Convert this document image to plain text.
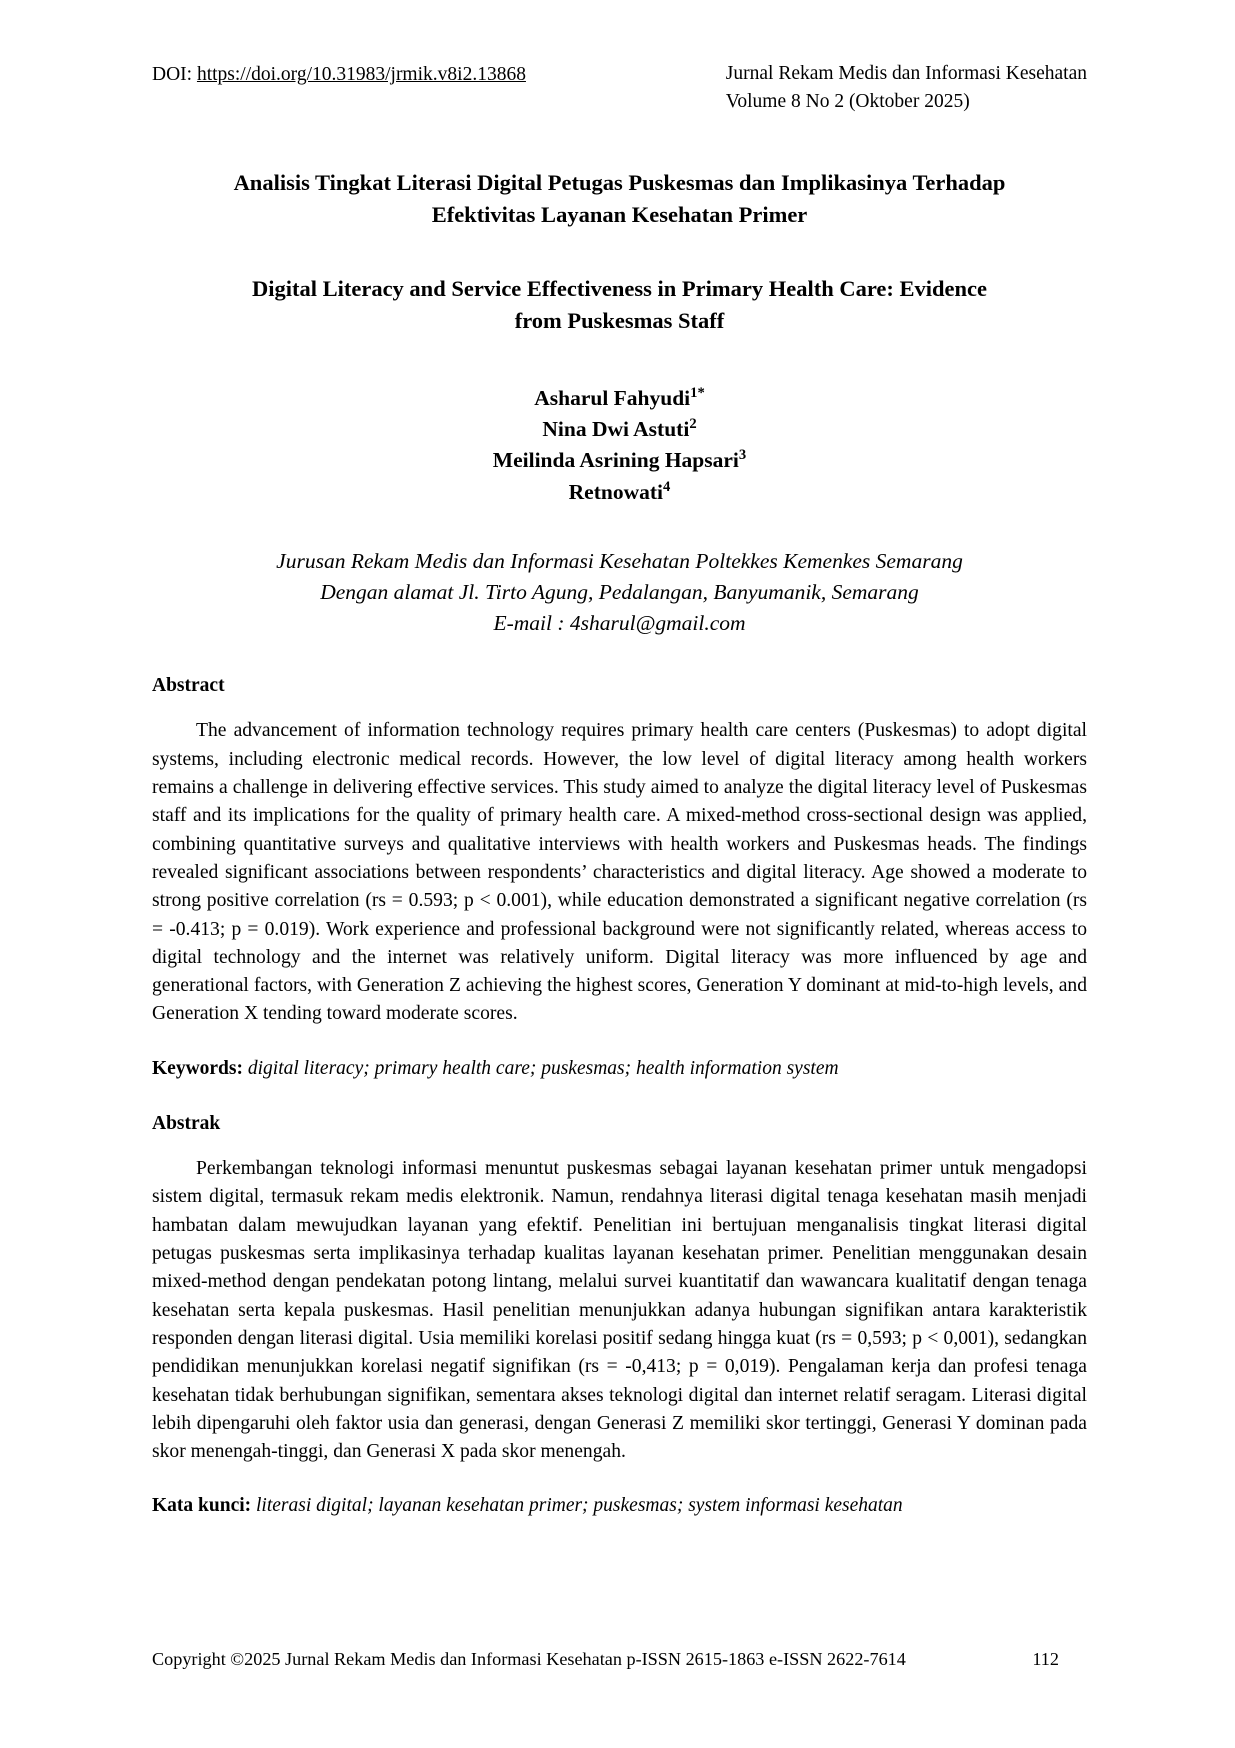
DOI: https://doi.org/10.31983/jrmik.v8i2.13868	Jurnal Rekam Medis dan Informasi Kesehatan
Volume 8 No 2 (Oktober 2025)
Analisis Tingkat Literasi Digital Petugas Puskesmas dan Implikasinya Terhadap Efektivitas Layanan Kesehatan Primer
Digital Literacy and Service Effectiveness in Primary Health Care: Evidence from Puskesmas Staff
Asharul Fahyudi$^{1*}$
Nina Dwi Astuti$^2$
Meilinda Asrining Hapsari$^3$
Retnowati$^4$
Jurusan Rekam Medis dan Informasi Kesehatan Poltekkes Kemenkes Semarang
Dengan alamat Jl. Tirto Agung, Pedalangan, Banyumanik, Semarang
E-mail : 4sharul@gmail.com
Abstract

The advancement of information technology requires primary health care centers (Puskesmas) to adopt digital systems, including electronic medical records. However, the low level of digital literacy among health workers remains a challenge in delivering effective services. This study aimed to analyze the digital literacy level of Puskesmas staff and its implications for the quality of primary health care. A mixed-method cross-sectional design was applied, combining quantitative surveys and qualitative interviews with health workers and Puskesmas heads. The findings revealed significant associations between respondents’ characteristics and digital literacy. Age showed a moderate to strong positive correlation (rs = 0.593; p < 0.001), while education demonstrated a significant negative correlation (rs = -0.413; p = 0.019). Work experience and professional background were not significantly related, whereas access to digital technology and the internet was relatively uniform. Digital literacy was more influenced by age and generational factors, with Generation Z achieving the highest scores, Generation Y dominant at mid-to-high levels, and Generation X tending toward moderate scores.

Keywords: digital literacy; primary health care; puskesmas; health information system
Abstrak

Perkembangan teknologi informasi menuntut puskesmas sebagai layanan kesehatan primer untuk mengadopsi sistem digital, termasuk rekam medis elektronik. Namun, rendahnya literasi digital tenaga kesehatan masih menjadi hambatan dalam mewujudkan layanan yang efektif. Penelitian ini bertujuan menganalisis tingkat literasi digital petugas puskesmas serta implikasinya terhadap kualitas layanan kesehatan primer. Penelitian menggunakan desain mixed-method dengan pendekatan potong lintang, melalui survei kuantitatif dan wawancara kualitatif dengan tenaga kesehatan serta kepala puskesmas. Hasil penelitian menunjukkan adanya hubungan signifikan antara karakteristik responden dengan literasi digital. Usia memiliki korelasi positif sedang hingga kuat (rs = 0,593; p < 0,001), sedangkan pendidikan menunjukkan korelasi negatif signifikan (rs = -0,413; p = 0,019). Pengalaman kerja dan profesi tenaga kesehatan tidak berhubungan signifikan, sementara akses teknologi digital dan internet relatif seragam. Literasi digital lebih dipengaruhi oleh faktor usia dan generasi, dengan Generasi Z memiliki skor tertinggi, Generasi Y dominan pada skor menengah-tinggi, dan Generasi X pada skor menengah.

Kata kunci: literasi digital; layanan kesehatan primer; puskesmas; system informasi kesehatan
Copyright ©2025 Jurnal Rekam Medis dan Informasi Kesehatan p-ISSN 2615-1863 e-ISSN 2622-7614	112
